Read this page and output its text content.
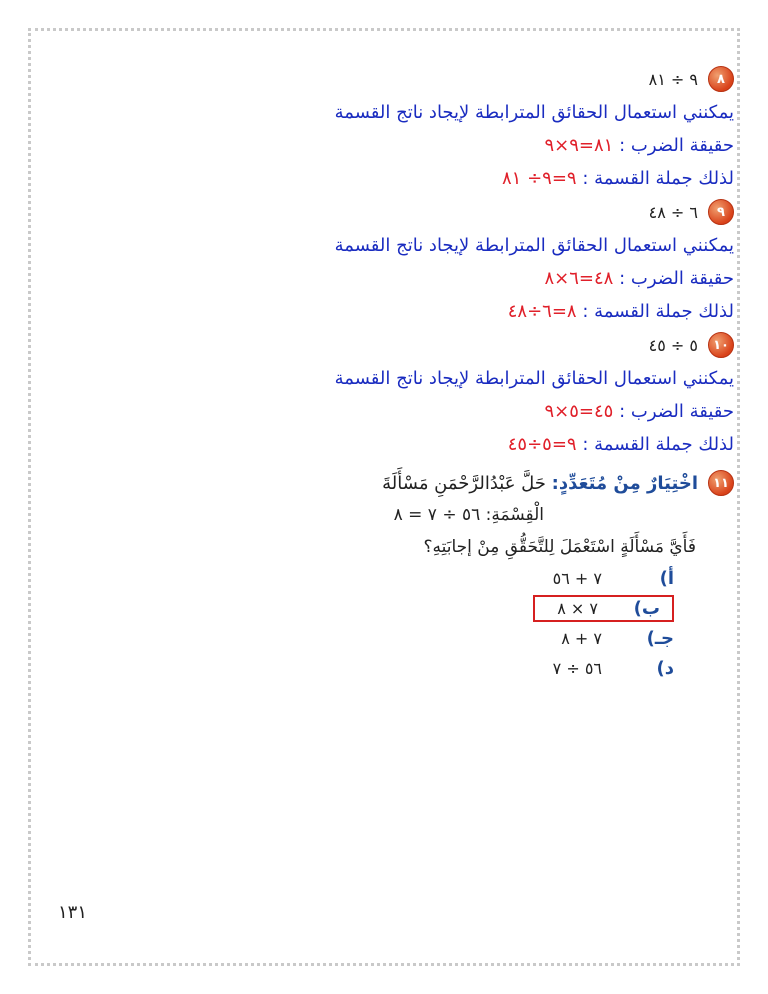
٨
٩ ÷ ٨١
يمكنني استعمال الحقائق المترابطة لإيجاد ناتج القسمة
حقيقة الضرب : ٨١=٩×٩
لذلك جملة القسمة : ٩=٩÷ ٨١
٩
٦ ÷ ٤٨
يمكنني استعمال الحقائق المترابطة لإيجاد ناتج القسمة
حقيقة الضرب : ٤٨=٦×٨
لذلك جملة القسمة : ٨=٦÷٤٨
١٠
٥ ÷ ٤٥
يمكنني استعمال الحقائق المترابطة لإيجاد ناتج القسمة
حقيقة الضرب : ٤٥=٥×٩
لذلك جملة القسمة : ٩=٥÷٤٥
١١
اخْتِيَارٌ مِنْ مُتَعَدِّدٍ: حَلَّ عَبْدُالرَّحْمَنِ مَسْأَلَةَ
الْقِسْمَةِ: ٥٦ ÷ ٧ = ٨
فَأَيَّ مَسْأَلَةٍ اسْتَعْمَلَ لِلتَّحَقُّقِ مِنْ إجابَتِهِ؟
أ)
٧ + ٥٦
ب)
٧ × ٨
جـ)
٧ + ٨
د)
٥٦ ÷ ٧
١٣١
